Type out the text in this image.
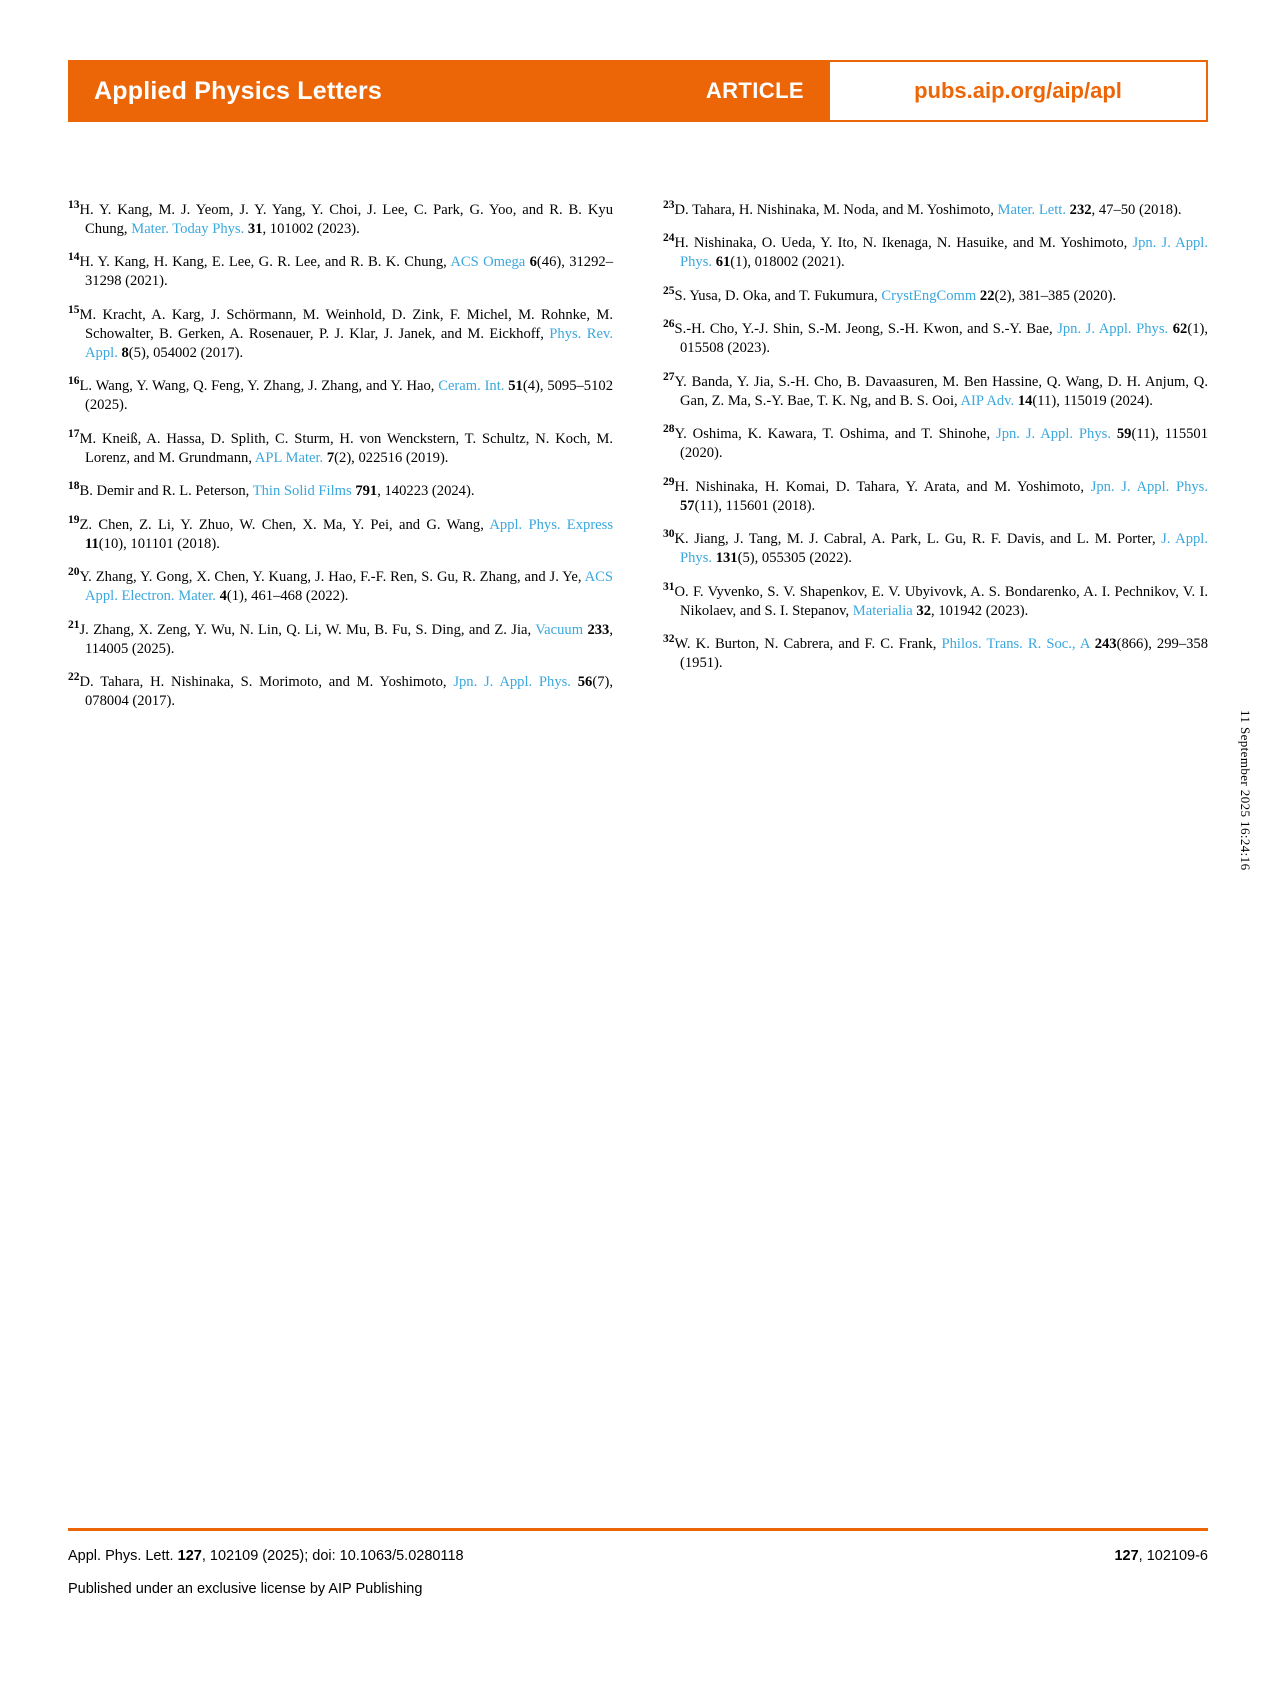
Applied Physics Letters	ARTICLE	pubs.aip.org/aip/apl

$^{13}$H. Y. Kang, M. J. Yeom, J. Y. Yang, Y. Choi, J. Lee, C. Park, G. Yoo, and R. B. Kyu Chung, Mater. Today Phys. 31, 101002 (2023).

$^{14}$H. Y. Kang, H. Kang, E. Lee, G. R. Lee, and R. B. K. Chung, ACS Omega 6(46), 31292–31298 (2021).

$^{15}$M. Kracht, A. Karg, J. Schörmann, M. Weinhold, D. Zink, F. Michel, M. Rohnke, M. Schowalter, B. Gerken, A. Rosenauer, P. J. Klar, J. Janek, and M. Eickhoff, Phys. Rev. Appl. 8(5), 054002 (2017).

$^{16}$L. Wang, Y. Wang, Q. Feng, Y. Zhang, J. Zhang, and Y. Hao, Ceram. Int. 51(4), 5095–5102 (2025).

$^{17}$M. Kneiß, A. Hassa, D. Splith, C. Sturm, H. von Wenckstern, T. Schultz, N. Koch, M. Lorenz, and M. Grundmann, APL Mater. 7(2), 022516 (2019).

$^{18}$B. Demir and R. L. Peterson, Thin Solid Films 791, 140223 (2024).

$^{19}$Z. Chen, Z. Li, Y. Zhuo, W. Chen, X. Ma, Y. Pei, and G. Wang, Appl. Phys. Express 11(10), 101101 (2018).

$^{20}$Y. Zhang, Y. Gong, X. Chen, Y. Kuang, J. Hao, F.-F. Ren, S. Gu, R. Zhang, and J. Ye, ACS Appl. Electron. Mater. 4(1), 461–468 (2022).

$^{21}$J. Zhang, X. Zeng, Y. Wu, N. Lin, Q. Li, W. Mu, B. Fu, S. Ding, and Z. Jia, Vacuum 233, 114005 (2025).

$^{22}$D. Tahara, H. Nishinaka, S. Morimoto, and M. Yoshimoto, Jpn. J. Appl. Phys. 56(7), 078004 (2017).

$^{23}$D. Tahara, H. Nishinaka, M. Noda, and M. Yoshimoto, Mater. Lett. 232, 47–50 (2018).

$^{24}$H. Nishinaka, O. Ueda, Y. Ito, N. Ikenaga, N. Hasuike, and M. Yoshimoto, Jpn. J. Appl. Phys. 61(1), 018002 (2021).

$^{25}$S. Yusa, D. Oka, and T. Fukumura, CrystEngComm 22(2), 381–385 (2020).

$^{26}$S.-H. Cho, Y.-J. Shin, S.-M. Jeong, S.-H. Kwon, and S.-Y. Bae, Jpn. J. Appl. Phys. 62(1), 015508 (2023).

$^{27}$Y. Banda, Y. Jia, S.-H. Cho, B. Davaasuren, M. Ben Hassine, Q. Wang, D. H. Anjum, Q. Gan, Z. Ma, S.-Y. Bae, T. K. Ng, and B. S. Ooi, AIP Adv. 14(11), 115019 (2024).

$^{28}$Y. Oshima, K. Kawara, T. Oshima, and T. Shinohe, Jpn. J. Appl. Phys. 59(11), 115501 (2020).

$^{29}$H. Nishinaka, H. Komai, D. Tahara, Y. Arata, and M. Yoshimoto, Jpn. J. Appl. Phys. 57(11), 115601 (2018).

$^{30}$K. Jiang, J. Tang, M. J. Cabral, A. Park, L. Gu, R. F. Davis, and L. M. Porter, J. Appl. Phys. 131(5), 055305 (2022).

$^{31}$O. F. Vyvenko, S. V. Shapenkov, E. V. Ubyivovk, A. S. Bondarenko, A. I. Pechnikov, V. I. Nikolaev, and S. I. Stepanov, Materialia 32, 101942 (2023).

$^{32}$W. K. Burton, N. Cabrera, and F. C. Frank, Philos. Trans. R. Soc., A 243(866), 299–358 (1951).

11 September 2025 16:24:16
Appl. Phys. Lett. 127, 102109 (2025); doi: 10.1063/5.0280118	127, 102109-6
Published under an exclusive license by AIP Publishing
